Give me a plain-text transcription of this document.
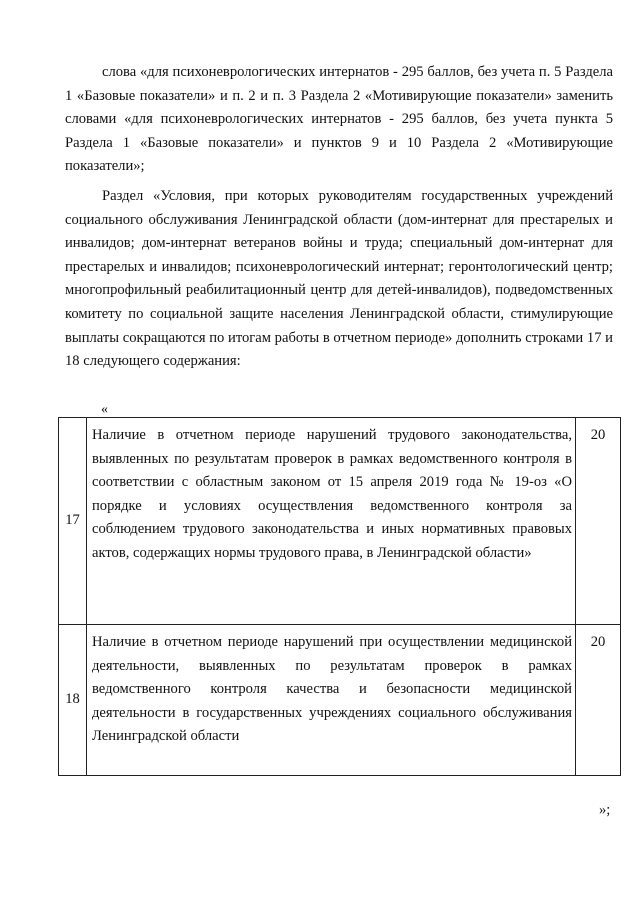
слова «для психоневрологических интернатов - 295 баллов, без учета п. 5 Раздела 1 «Базовые показатели» и п. 2 и п. 3 Раздела 2 «Мотивирующие показатели» заменить словами «для психоневрологических интернатов - 295 баллов, без учета пункта 5 Раздела 1 «Базовые показатели» и пунктов 9 и 10 Раздела 2 «Мотивирующие показатели»;

Раздел «Условия, при которых руководителям государственных учреждений социального обслуживания Ленинградской области (дом-интернат для престарелых и инвалидов; дом-интернат ветеранов войны и труда; специальный дом-интернат для престарелых и инвалидов; психоневрологический интернат; геронтологический центр; многопрофильный реабилитационный центр для детей-инвалидов), подведомственных комитету по социальной защите населения Ленинградской области, стимулирующие выплаты сокращаются по итогам работы в отчетном периоде» дополнить строками 17 и 18 следующего содержания:

«
17	Наличие в отчетном периоде нарушений трудового законодательства, выявленных по результатам проверок в рамках ведомственного контроля в соответствии с областным законом от 15 апреля 2019 года № 19-оз «О порядке и условиях осуществления ведомственного контроля за соблюдением трудового законодательства и иных нормативных правовых актов, содержащих нормы трудового права, в Ленинградской области»	20
18	Наличие в отчетном периоде нарушений при осуществлении медицинской деятельности, выявленных по результатам проверок в рамках ведомственного контроля качества и безопасности медицинской деятельности в государственных учреждениях социального обслуживания Ленинградской области	20
»;
